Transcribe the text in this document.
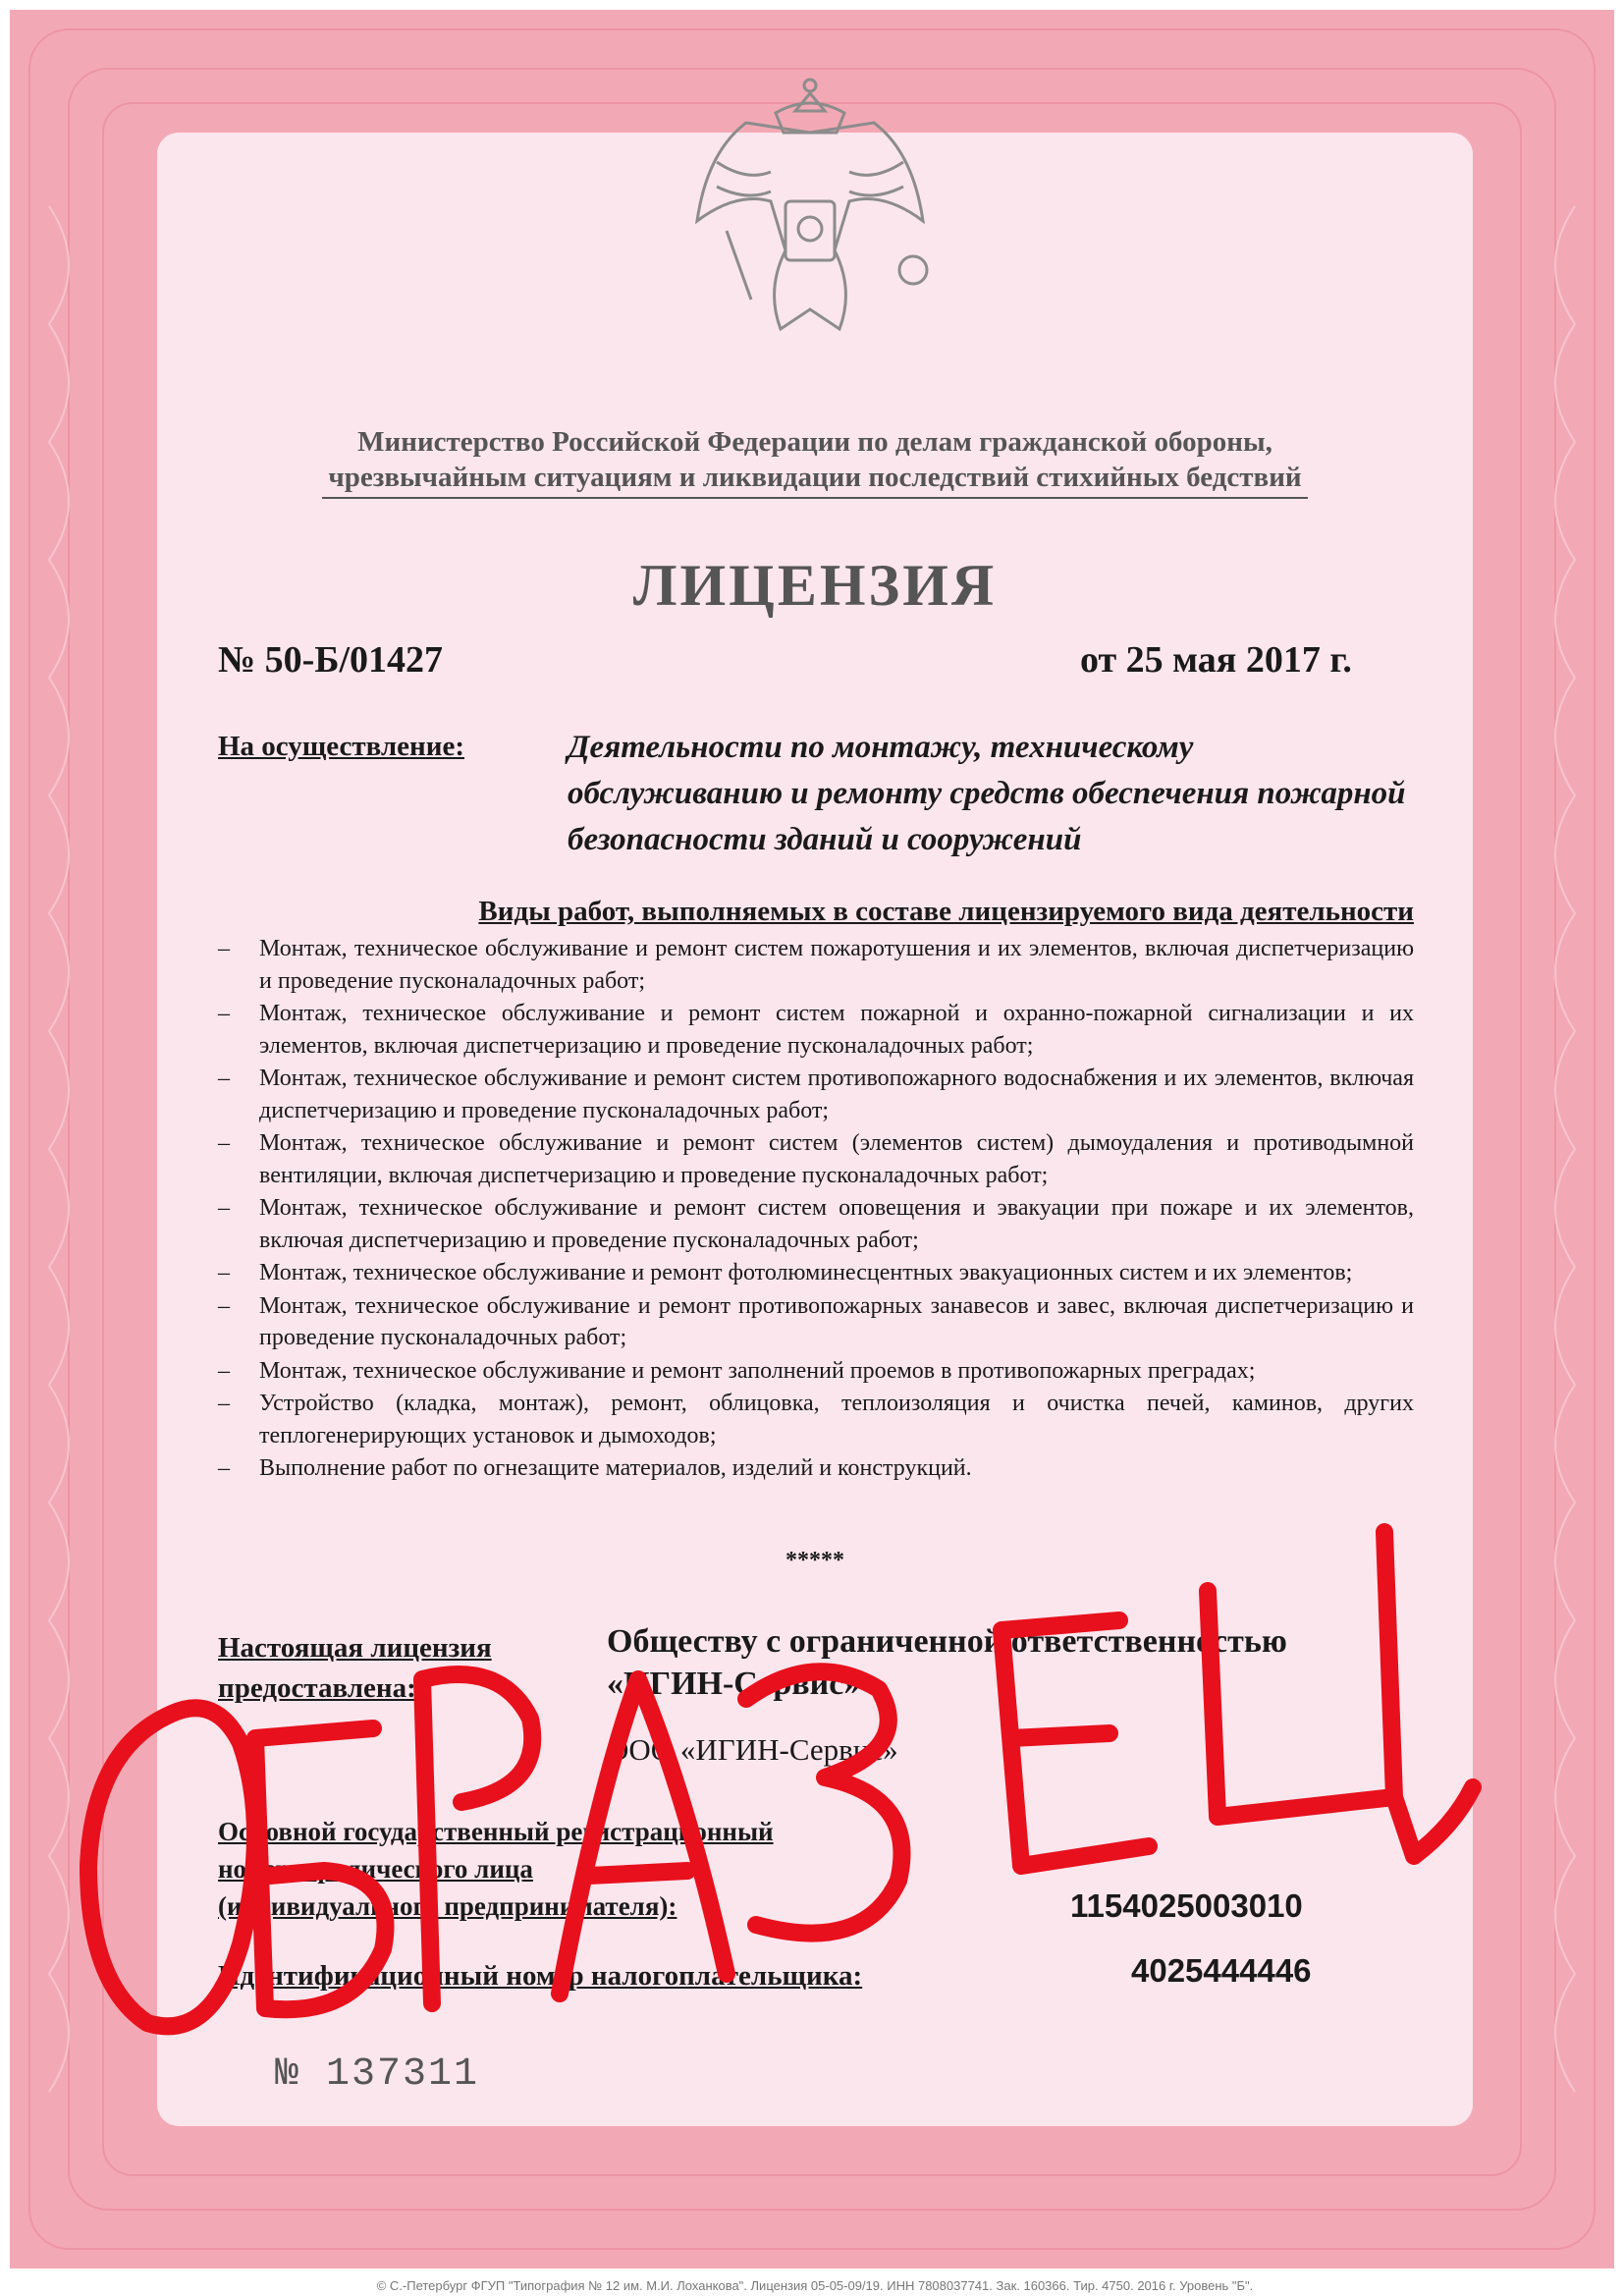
Министерство Российской Федерации по делам гражданской обороны,
чрезвычайным ситуациям и ликвидации последствий стихийных бедствий
ЛИЦЕНЗИЯ
№ 50-Б/01427	от 25 мая 2017 г.
На осуществление:	Деятельности по монтажу, техническому обслуживанию и ремонту средств обеспечения пожарной безопасности зданий и сооружений
Виды работ, выполняемых в составе лицензируемого вида деятельности
– Монтаж, техническое обслуживание и ремонт систем пожаротушения и их элементов, включая диспетчеризацию и проведение пусконаладочных работ;
– Монтаж, техническое обслуживание и ремонт систем пожарной и охранно-пожарной сигнализации и их элементов, включая диспетчеризацию и проведение пусконаладочных работ;
– Монтаж, техническое обслуживание и ремонт систем противопожарного водоснабжения и их элементов, включая диспетчеризацию и проведение пусконаладочных работ;
– Монтаж, техническое обслуживание и ремонт систем (элементов систем) дымоудаления и противодымной вентиляции, включая диспетчеризацию и проведение пусконаладочных работ;
– Монтаж, техническое обслуживание и ремонт систем оповещения и эвакуации при пожаре и их элементов, включая диспетчеризацию и проведение пусконаладочных работ;
– Монтаж, техническое обслуживание и ремонт фотолюминесцентных эвакуационных систем и их элементов;
– Монтаж, техническое обслуживание и ремонт противопожарных занавесов и завес, включая диспетчеризацию и проведение пусконаладочных работ;
– Монтаж, техническое обслуживание и ремонт заполнений проемов в противопожарных преградах;
– Устройство (кладка, монтаж), ремонт, облицовка, теплоизоляция и очистка печей, каминов, других теплогенерирующих установок и дымоходов;
– Выполнение работ по огнезащите материалов, изделий и конструкций.
*****
Настоящая лицензия
предоставлена:
Обществу с ограниченной ответственностью
«ИГИН-Сервис»
ООО «ИГИН-Сервис»
Основной государственный регистрационный
номер юридического лица
(индивидуального предпринимателя):	1154025003010
Идентификационный номер налогоплательщика:	4025444446
№ 137311
© С.-Петербург ФГУП "Типография № 12 им. М.И. Лоханкова". Лицензия 05-05-09/19. ИНН 7808037741. Зак. 160366. Тир. 4750. 2016 г. Уровень "Б".
